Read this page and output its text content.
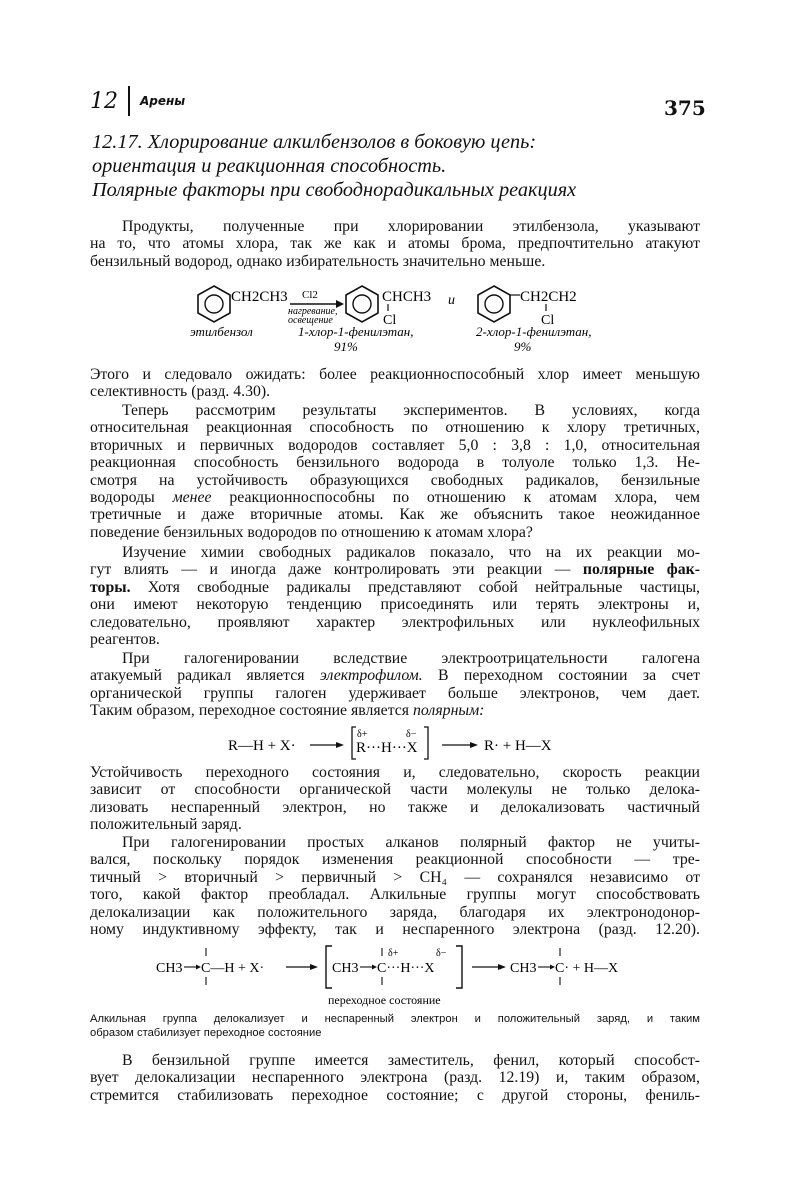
12 Арены	375
12.17. Хлорирование алкилбензолов в боковую цепь:
ориентация и реакционная способность.
Полярные факторы при свободнорадикальных реакциях
Продукты, полученные при хлорировании этилбензола, указывают
на то, что атомы хлора, так же как и атомы брома, предпочтительно атакуют
бензильный водород, однако избирательность значительно меньше.
CH2CH3
этилбензол
Cl2
нагревание,
освещение
CHCH3
Cl
1-хлор-1-фенилэтан,
91%
и	CH2CH2
Cl
2-хлор-1-фенилэтан,
9%
Этого и следовало ожидать: более реакционноспособный хлор имеет меньшую
селективность (разд. 4.30).
Теперь рассмотрим результаты экспериментов. В условиях, когда
относительная реакционная способность по отношению к хлору третичных,
вторичных и первичных водородов составляет 5,0 : 3,8 : 1,0, относительная
реакционная способность бензильного водорода в толуоле только 1,3. Не-
смотря на устойчивость образующихся свободных радикалов, бензильные
водороды менее реакционноспособны по отношению к атомам хлора, чем
третичные и даже вторичные атомы. Как же объяснить такое неожиданное
поведение бензильных водородов по отношению к атомам хлора?
Изучение химии свободных радикалов показало, что на их реакции мо-
гут влиять — и иногда даже контролировать эти реакции — полярные фак-
торы. Хотя свободные радикалы представляют собой нейтральные частицы,
они имеют некоторую тенденцию присоединять или терять электроны и,
следовательно, проявляют характер электрофильных или нуклеофильных
реагентов.
При галогенировании вследствие электроотрицательности галогена
атакуемый радикал является электрофилом. В переходном состоянии за счет
органической группы галоген удерживает больше электронов, чем дает.
Таким образом, переходное состояние является полярным:
R—H + X·
δ+	δ−
R···H···X	R· + H—X
Устойчивость переходного состояния и, следовательно, скорость реакции
зависит от способности органической части молекулы не только делока-
лизовать неспаренный электрон, но также и делокализовать частичный
положительный заряд.
При галогенировании простых алканов полярный фактор не учиты-
вался, поскольку порядок изменения реакционной способности — тре-
тичный > вторичный > первичный > CH₄ — сохранялся независимо от
того, какой фактор преобладал. Алкильные группы могут способствовать
делокализации как положительного заряда, благодаря их электронодонор-
ному индуктивному эффекту, так и неспаренного электрона (разд. 12.20).
CH3 C—H + X·	CH3
δ+	δ−
C···H···X	CH3 C· + H—X
переходное состояние
Алкильная группа делокализует и неспаренный электрон и положительный заряд, и таким
образом стабилизует переходное состояние
В бензильной группе имеется заместитель, фенил, который способст-
вует делокализации неспаренного электрона (разд. 12.19) и, таким образом,
стремится стабилизовать переходное состояние; с другой стороны, фениль-
